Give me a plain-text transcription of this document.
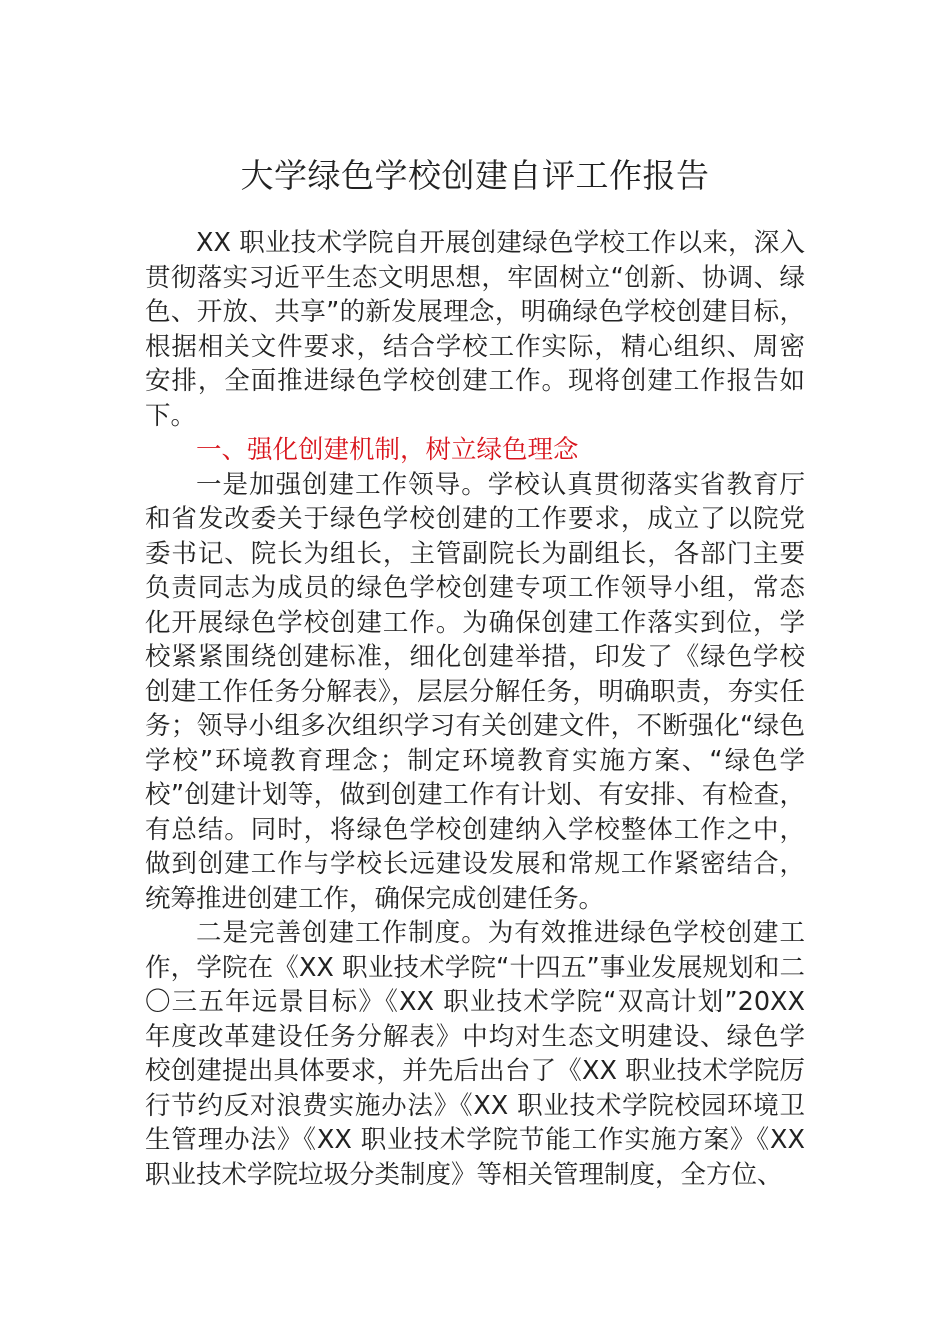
大学绿色学校创建自评工作报告

XX 职业技术学院自开展创建绿色学校工作以来，深入贯彻落实习近平生态文明思想，牢固树立“创新、协调、绿色、开放、共享”的新发展理念，明确绿色学校创建目标，根据相关文件要求，结合学校工作实际，精心组织、周密安排，全面推进绿色学校创建工作。现将创建工作报告如下。

一、强化创建机制，树立绿色理念

一是加强创建工作领导。学校认真贯彻落实省教育厅和省发改委关于绿色学校创建的工作要求，成立了以院党委书记、院长为组长，主管副院长为副组长，各部门主要负责同志为成员的绿色学校创建专项工作领导小组，常态化开展绿色学校创建工作。为确保创建工作落实到位，学校紧紧围绕创建标准，细化创建举措，印发了《绿色学校创建工作任务分解表》，层层分解任务，明确职责，夯实任务；领导小组多次组织学习有关创建文件，不断强化“绿色学校”环境教育理念；制定环境教育实施方案、“绿色学校”创建计划等，做到创建工作有计划、有安排、有检查，有总结。同时，将绿色学校创建纳入学校整体工作之中，做到创建工作与学校长远建设发展和常规工作紧密结合，统筹推进创建工作，确保完成创建任务。

二是完善创建工作制度。为有效推进绿色学校创建工作，学院在《XX 职业技术学院“十四五”事业发展规划和二〇三五年远景目标》《XX 职业技术学院“双高计划”20XX 年度改革建设任务分解表》中均对生态文明建设、绿色学校创建提出具体要求，并先后出台了《XX 职业技术学院厉行节约反对浪费实施办法》《XX 职业技术学院校园环境卫生管理办法》《XX 职业技术学院节能工作实施方案》《XX 职业技术学院垃圾分类制度》等相关管理制度，全方位、
